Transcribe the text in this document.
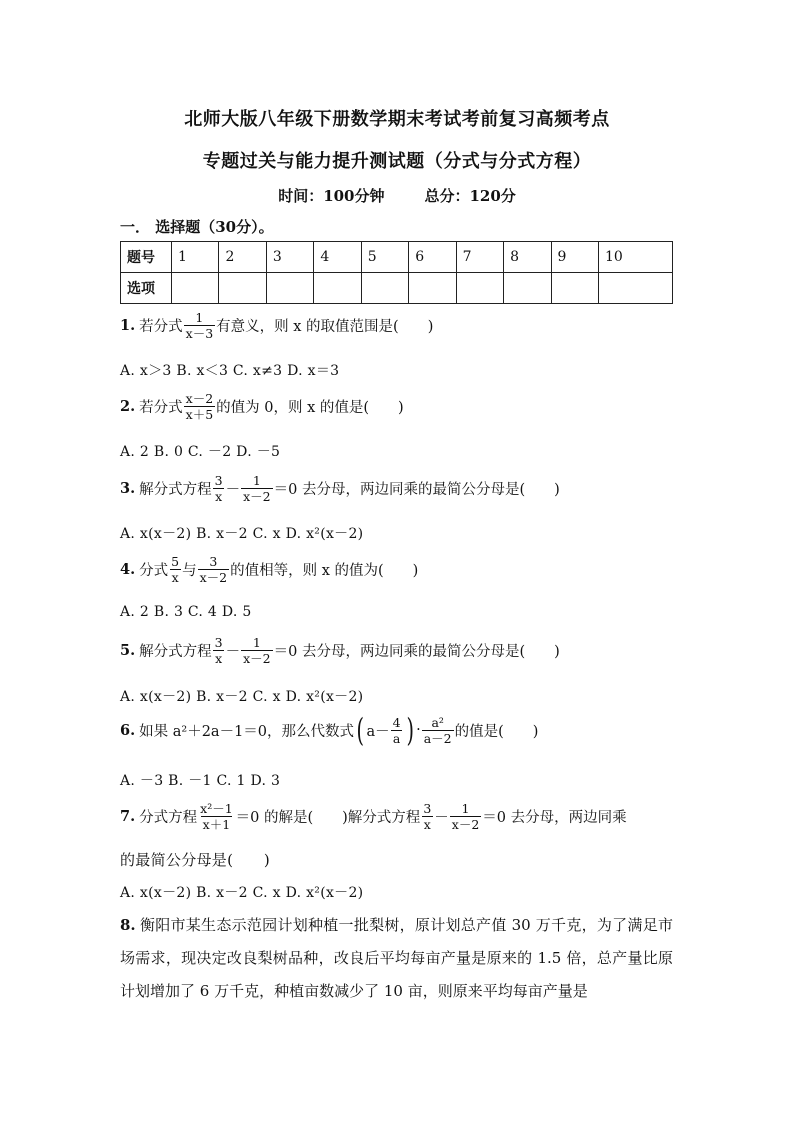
北师大版八年级下册数学期末考试考前复习高频考点
专题过关与能力提升测试题（分式与分式方程）
时间：100分钟	总分：120分
一． 选择题（30分）。
题号	1	2	3	4	5	6	7	8	9	10
选项										
1. 若分式 $\frac{1}{x-3}$ 有意义，则 x 的取值范围是(　　)
A. x＞3 B. x＜3 C. x≠3 D. x＝3
2. 若分式 $\frac{x-2}{x+5}$ 的值为 0，则 x 的值是(　　)
A. 2 B. 0 C. －2 D. －5
3. 解分式方程 $\frac{3}{x} - \frac{1}{x-2} =0$ 去分母，两边同乘的最简公分母是(　　)
A. x(x－2) B. x－2 C. x D. x²(x－2)
4. 分式 $\frac{5}{x}$ 与 $\frac{3}{x-2}$ 的值相等，则 x 的值为(　　)
A. 2 B. 3 C. 4 D. 5
5. 解分式方程 $\frac{3}{x} - \frac{1}{x-2} =0$ 去分母，两边同乘的最简公分母是(　　)
A. x(x－2) B. x－2 C. x D. x²(x－2)
6. 如果 a²＋2a－1＝0，那么代数式 ( $a- \frac{4}{a}$ ) · $\frac{\text{a²}}{a-2}$ 的值是(　　)
A. －3 B. －1 C. 1 D. 3
7. 分式方程 $\frac{\text{x²－1}}{x+1} =0$ 的解是(　　)解分式方程 $\frac{3}{x} - \frac{1}{x-2} =0$ 去分母，两边同乘
的最简公分母是(　　)
A. x(x－2) B. x－2 C. x D. x²(x－2)
8. 衡阳市某生态示范园计划种植一批梨树，原计划总产值 30 万千克，为了满足市场需求，现决定改良梨树品种，改良后平均每亩产量是原来的 1.5 倍，总产量比原计划增加了 6 万千克，种植亩数减少了 10 亩，则原来平均每亩产量是
